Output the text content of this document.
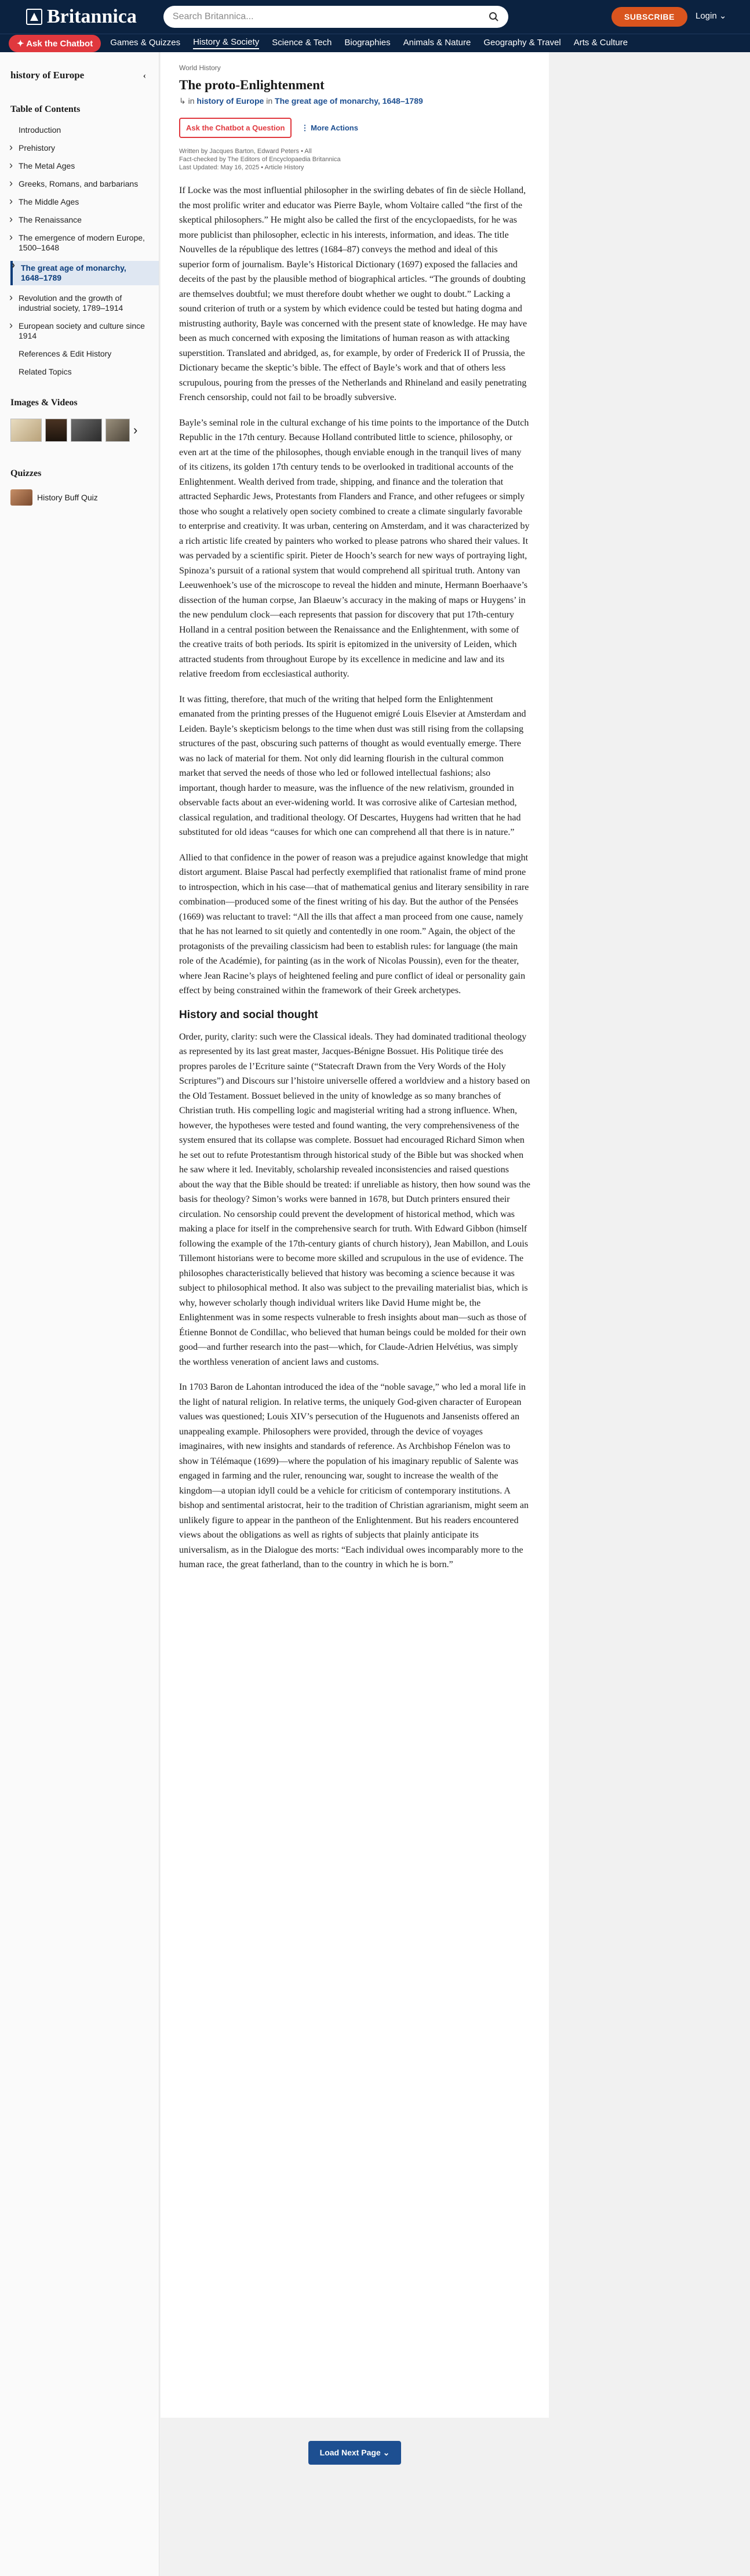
Britannica	Search Britannica...	SUBSCRIBE	Login ⌄
✦ Ask the Chatbot	Games & Quizzes History & Society Science & Tech Biographies Animals & Nature Geography & Travel Arts & Culture
history of Europe	‹
Table of Contents
Introduction
› Prehistory
› The Metal Ages
› Greeks, Romans, and barbarians
› The Middle Ages
› The Renaissance
› The emergence of modern Europe, 1500–1648
› The great age of monarchy, 1648–1789
› Revolution and the growth of industrial society, 1789–1914
› European society and culture since 1914
References & Edit History
Related Topics
Images & Videos
›
Quizzes
History Buff Quiz
World History
The proto-Enlightenment
↳ in history of Europe in The great age of monarchy, 1648–1789
Ask the Chatbot a Question	⋮ More Actions
Written by Jacques Barton, Edward Peters • All
Fact-checked by The Editors of Encyclopaedia Britannica
Last Updated: May 16, 2025 • Article History

If Locke was the most influential philosopher in the swirling debates of fin de siècle Holland, the most prolific writer and educator was Pierre Bayle, whom Voltaire called “the first of the skeptical philosophers.” He might also be called the first of the encyclopaedists, for he was more publicist than philosopher, eclectic in his interests, information, and ideas. The title Nouvelles de la république des lettres (1684–87) conveys the method and ideal of this superior form of journalism. Bayle’s Historical Dictionary (1697) exposed the fallacies and deceits of the past by the plausible method of biographical articles. “The grounds of doubting are themselves doubtful; we must therefore doubt whether we ought to doubt.” Lacking a sound criterion of truth or a system by which evidence could be tested but hating dogma and mistrusting authority, Bayle was concerned with the present state of knowledge. He may have been as much concerned with exposing the limitations of human reason as with attacking superstition. Translated and abridged, as, for example, by order of Frederick II of Prussia, the Dictionary became the skeptic’s bible. The effect of Bayle’s work and that of others less scrupulous, pouring from the presses of the Netherlands and Rhineland and easily penetrating French censorship, could not fail to be broadly subversive.

Bayle’s seminal role in the cultural exchange of his time points to the importance of the Dutch Republic in the 17th century. Because Holland contributed little to science, philosophy, or even art at the time of the philosophes, though enviable enough in the tranquil lives of many of its citizens, its golden 17th century tends to be overlooked in traditional accounts of the Enlightenment. Wealth derived from trade, shipping, and finance and the toleration that attracted Sephardic Jews, Protestants from Flanders and France, and other refugees or simply those who sought a relatively open society combined to create a climate singularly favorable to enterprise and creativity. It was urban, centering on Amsterdam, and it was characterized by a rich artistic life created by painters who worked to please patrons who shared their values. It was pervaded by a scientific spirit. Pieter de Hooch’s search for new ways of portraying light, Spinoza’s pursuit of a rational system that would comprehend all spiritual truth. Antony van Leeuwenhoek’s use of the microscope to reveal the hidden and minute, Hermann Boerhaave’s dissection of the human corpse, Jan Blaeuw’s accuracy in the making of maps or Huygens’ in the new pendulum clock—each represents that passion for discovery that put 17th-century Holland in a central position between the Renaissance and the Enlightenment, with some of the creative traits of both periods. Its spirit is epitomized in the university of Leiden, which attracted students from throughout Europe by its excellence in medicine and law and its relative freedom from ecclesiastical authority.

It was fitting, therefore, that much of the writing that helped form the Enlightenment emanated from the printing presses of the Huguenot emigré Louis Elsevier at Amsterdam and Leiden. Bayle’s skepticism belongs to the time when dust was still rising from the collapsing structures of the past, obscuring such patterns of thought as would eventually emerge. There was no lack of material for them. Not only did learning flourish in the cultural common market that served the needs of those who led or followed intellectual fashions; also important, though harder to measure, was the influence of the new relativism, grounded in observable facts about an ever-widening world. It was corrosive alike of Cartesian method, classical regulation, and traditional theology. Of Descartes, Huygens had written that he had substituted for old ideas “causes for which one can comprehend all that there is in nature.”

Allied to that confidence in the power of reason was a prejudice against knowledge that might distort argument. Blaise Pascal had perfectly exemplified that rationalist frame of mind prone to introspection, which in his case—that of mathematical genius and literary sensibility in rare combination—produced some of the finest writing of his day. But the author of the Pensées (1669) was reluctant to travel: “All the ills that affect a man proceed from one cause, namely that he has not learned to sit quietly and contentedly in one room.” Again, the object of the protagonists of the prevailing classicism had been to establish rules: for language (the main role of the Académie), for painting (as in the work of Nicolas Poussin), even for the theater, where Jean Racine’s plays of heightened feeling and pure conflict of ideal or personality gain effect by being constrained within the framework of their Greek archetypes.

History and social thought

Order, purity, clarity: such were the Classical ideals. They had dominated traditional theology as represented by its last great master, Jacques-Bénigne Bossuet. His Politique tirée des propres paroles de l’Ecriture sainte (“Statecraft Drawn from the Very Words of the Holy Scriptures”) and Discours sur l’histoire universelle offered a worldview and a history based on the Old Testament. Bossuet believed in the unity of knowledge as so many branches of Christian truth. His compelling logic and magisterial writing had a strong influence. When, however, the hypotheses were tested and found wanting, the very comprehensiveness of the system ensured that its collapse was complete. Bossuet had encouraged Richard Simon when he set out to refute Protestantism through historical study of the Bible but was shocked when he saw where it led. Inevitably, scholarship revealed inconsistencies and raised questions about the way that the Bible should be treated: if unreliable as history, then how sound was the basis for theology? Simon’s works were banned in 1678, but Dutch printers ensured their circulation. No censorship could prevent the development of historical method, which was making a place for itself in the comprehensive search for truth. With Edward Gibbon (himself following the example of the 17th-century giants of church history), Jean Mabillon, and Louis Tillemont historians were to become more skilled and scrupulous in the use of evidence. The philosophes characteristically believed that history was becoming a science because it was subject to philosophical method. It also was subject to the prevailing materialist bias, which is why, however scholarly though individual writers like David Hume might be, the Enlightenment was in some respects vulnerable to fresh insights about man—such as those of Étienne Bonnot de Condillac, who believed that human beings could be molded for their own good—and further research into the past—which, for Claude-Adrien Helvétius, was simply the worthless veneration of ancient laws and customs.

In 1703 Baron de Lahontan introduced the idea of the “noble savage,” who led a moral life in the light of natural religion. In relative terms, the uniquely God-given character of European values was questioned; Louis XIV’s persecution of the Huguenots and Jansenists offered an unappealing example. Philosophers were provided, through the device of voyages imaginaires, with new insights and standards of reference. As Archbishop Fénelon was to show in Télémaque (1699)—where the population of his imaginary republic of Salente was engaged in farming and the ruler, renouncing war, sought to increase the wealth of the kingdom—a utopian idyll could be a vehicle for criticism of contemporary institutions. A bishop and sentimental aristocrat, heir to the tradition of Christian agrarianism, might seem an unlikely figure to appear in the pantheon of the Enlightenment. But his readers encountered views about the obligations as well as rights of subjects that plainly anticipate its universalism, as in the Dialogue des morts: “Each individual owes incomparably more to the human race, the great fatherland, than to the country in which he is born.”

Load Next Page ⌄
